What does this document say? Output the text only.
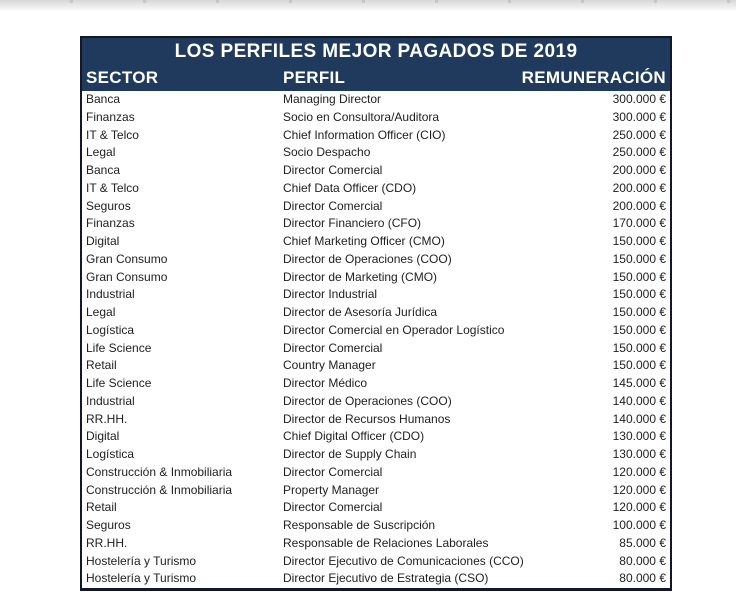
LOS PERFILES MEJOR PAGADOS DE 2019
SECTOR	PERFIL	REMUNERACIÓN
Banca	Managing Director	300.000 €
Finanzas	Socio en Consultora/Auditora	300.000 €
IT & Telco	Chief Information Officer (CIO)	250.000 €
Legal	Socio Despacho	250.000 €
Banca	Director Comercial	200.000 €
IT & Telco	Chief Data Officer (CDO)	200.000 €
Seguros	Director Comercial	200.000 €
Finanzas	Director Financiero (CFO)	170.000 €
Digital	Chief Marketing Officer (CMO)	150.000 €
Gran Consumo	Director de Operaciones (COO)	150.000 €
Gran Consumo	Director de Marketing (CMO)	150.000 €
Industrial	Director Industrial	150.000 €
Legal	Director de Asesoría Jurídica	150.000 €
Logística	Director Comercial en Operador Logístico	150.000 €
Life Science	Director Comercial	150.000 €
Retail	Country Manager	150.000 €
Life Science	Director Médico	145.000 €
Industrial	Director de Operaciones (COO)	140.000 €
RR.HH.	Director de Recursos Humanos	140.000 €
Digital	Chief Digital Officer (CDO)	130.000 €
Logística	Director de Supply Chain	130.000 €
Construcción & Inmobiliaria	Director Comercial	120.000 €
Construcción & Inmobiliaria	Property Manager	120.000 €
Retail	Director Comercial	120.000 €
Seguros	Responsable de Suscripción	100.000 €
RR.HH.	Responsable de Relaciones Laborales	85.000 €
Hostelería y Turismo	Director Ejecutivo de Comunicaciones (CCO)	80.000 €
Hostelería y Turismo	Director Ejecutivo de Estrategia (CSO)	80.000 €
